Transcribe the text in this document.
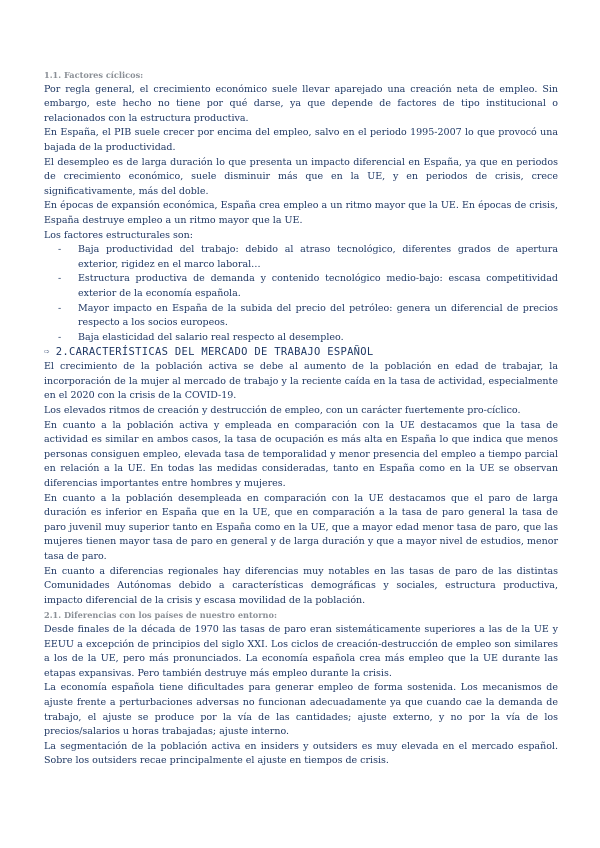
1.1. Factores cíclicos:

Por regla general, el crecimiento económico suele llevar aparejado una creación neta de empleo. Sin embargo, este hecho no tiene por qué darse, ya que depende de factores de tipo institucional o relacionados con la estructura productiva.

En España, el PIB suele crecer por encima del empleo, salvo en el periodo 1995-2007 lo que provocó una bajada de la productividad.

El desempleo es de larga duración lo que presenta un impacto diferencial en España, ya que en periodos de crecimiento económico, suele disminuir más que en la UE, y en periodos de crisis, crece significativamente, más del doble.

En épocas de expansión económica, España crea empleo a un ritmo mayor que la UE. En épocas de crisis, España destruye empleo a un ritmo mayor que la UE.

Los factores estructurales son:

- Baja productividad del trabajo: debido al atraso tecnológico, diferentes grados de apertura exterior, rigidez en el marco laboral…
- Estructura productiva de demanda y contenido tecnológico medio-bajo: escasa competitividad exterior de la economía española.
- Mayor impacto en España de la subida del precio del petróleo: genera un diferencial de precios respecto a los socios europeos.
- Baja elasticidad del salario real respecto al desempleo.

⇨ 2.CARACTERÍSTICAS DEL MERCADO DE TRABAJO ESPAÑOL

El crecimiento de la población activa se debe al aumento de la población en edad de trabajar, la incorporación de la mujer al mercado de trabajo y la reciente caída en la tasa de actividad, especialmente en el 2020 con la crisis de la COVID-19.

Los elevados ritmos de creación y destrucción de empleo, con un carácter fuertemente pro-cíclico.

En cuanto a la población activa y empleada en comparación con la UE destacamos que la tasa de actividad es similar en ambos casos, la tasa de ocupación es más alta en España lo que indica que menos personas consiguen empleo, elevada tasa de temporalidad y menor presencia del empleo a tiempo parcial en relación a la UE. En todas las medidas consideradas, tanto en España como en la UE se observan diferencias importantes entre hombres y mujeres.

En cuanto a la población desempleada en comparación con la UE destacamos que el paro de larga duración es inferior en España que en la UE, que en comparación a la tasa de paro general la tasa de paro juvenil muy superior tanto en España como en la UE, que a mayor edad menor tasa de paro, que las mujeres tienen mayor tasa de paro en general y de larga duración y que a mayor nivel de estudios, menor tasa de paro.

En cuanto a diferencias regionales hay diferencias muy notables en las tasas de paro de las distintas Comunidades Autónomas debido a características demográficas y sociales, estructura productiva, impacto diferencial de la crisis y escasa movilidad de la población.

2.1. Diferencias con los países de nuestro entorno:

Desde finales de la década de 1970 las tasas de paro eran sistemáticamente superiores a las de la UE y EEUU a excepción de principios del siglo XXI. Los ciclos de creación-destrucción de empleo son similares a los de la UE, pero más pronunciados. La economía española crea más empleo que la UE durante las etapas expansivas. Pero también destruye más empleo durante la crisis.

La economía española tiene dificultades para generar empleo de forma sostenida. Los mecanismos de ajuste frente a perturbaciones adversas no funcionan adecuadamente ya que cuando cae la demanda de trabajo, el ajuste se produce por la vía de las cantidades; ajuste externo, y no por la vía de los precios/salarios u horas trabajadas; ajuste interno.

La segmentación de la población activa en insiders y outsiders es muy elevada en el mercado español. Sobre los outsiders recae principalmente el ajuste en tiempos de crisis.
